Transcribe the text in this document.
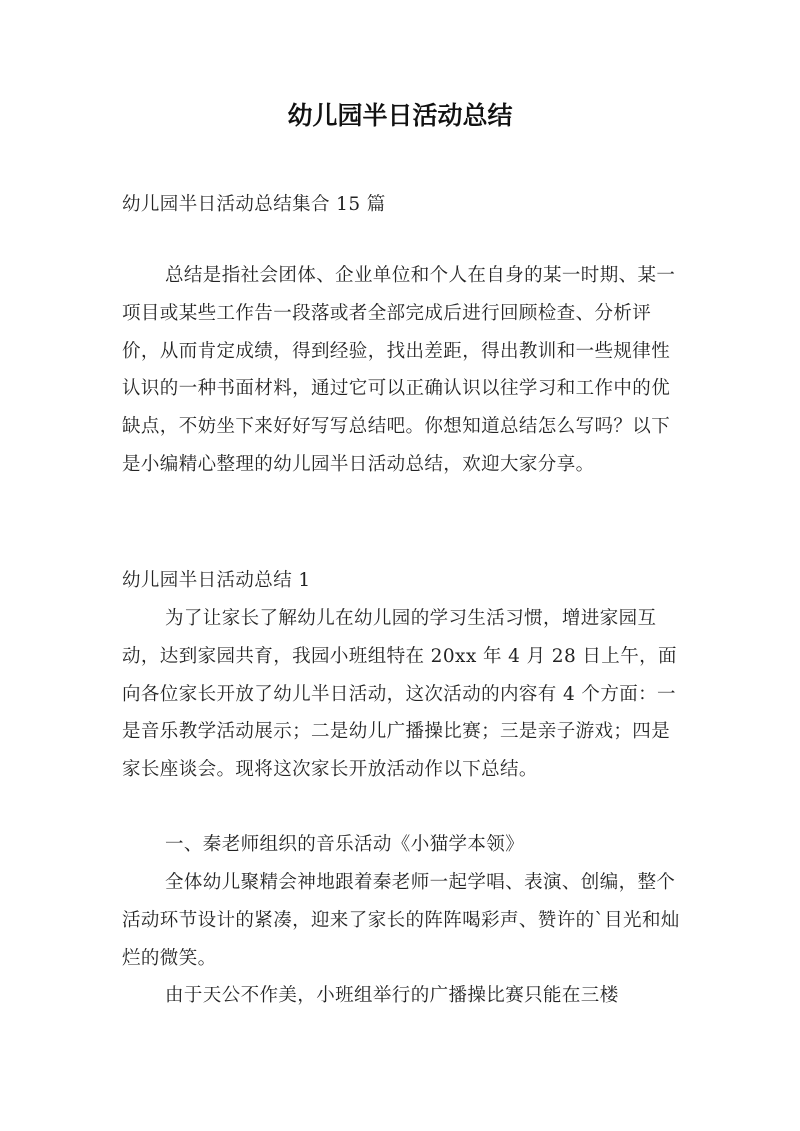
幼儿园半日活动总结

幼儿园半日活动总结集合 15 篇

总结是指社会团体、企业单位和个人在自身的某一时期、某一项目或某些工作告一段落或者全部完成后进行回顾检查、分析评价，从而肯定成绩，得到经验，找出差距，得出教训和一些规律性认识的一种书面材料，通过它可以正确认识以往学习和工作中的优缺点，不妨坐下来好好写写总结吧。你想知道总结怎么写吗？以下是小编精心整理的幼儿园半日活动总结，欢迎大家分享。

幼儿园半日活动总结 1

为了让家长了解幼儿在幼儿园的学习生活习惯，增进家园互动，达到家园共育，我园小班组特在 20xx 年 4 月 28 日上午，面向各位家长开放了幼儿半日活动，这次活动的内容有 4 个方面：一是音乐教学活动展示；二是幼儿广播操比赛；三是亲子游戏；四是家长座谈会。现将这次家长开放活动作以下总结。

一、秦老师组织的音乐活动《小猫学本领》

全体幼儿聚精会神地跟着秦老师一起学唱、表演、创编，整个活动环节设计的紧凑，迎来了家长的阵阵喝彩声、赞许的`目光和灿烂的微笑。

由于天公不作美，小班组举行的广播操比赛只能在三楼
